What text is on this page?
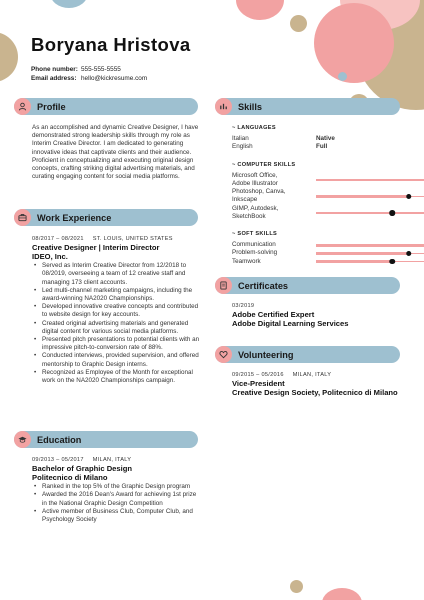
Boryana Hristova
Phone number: 555-555-5555
Email address: hello@kickresume.com
Profile
As an accomplished and dynamic Creative Designer, I have demonstrated strong leadership skills through my role as Interim Creative Director. I am dedicated to generating innovative ideas that captivate clients and their audience. Proficient in conceptualizing and executing original design concepts, crafting striking digital advertising materials, and curating engaging content for social media platforms.
Work Experience
08/2017 – 08/2021 ST. LOUIS, UNITED STATES
Creative Designer | Interim Director
IDEO, Inc.
• Served as Interim Creative Director from 12/2018 to 08/2019, overseeing a team of 12 creative staff and managing 173 client accounts.
• Led multi-channel marketing campaigns, including the award-winning NA2020 Championships.
• Developed innovative creative concepts and contributed to website design for key accounts.
• Created original advertising materials and generated digital content for various social media platforms.
• Presented pitch presentations to potential clients with an impressive pitch-to-conversion rate of 88%.
• Conducted interviews, provided supervision, and offered mentorship to Graphic Design interns.
• Recognized as Employee of the Month for exceptional work on the NA2020 Championships campaign.
Education
09/2013 – 05/2017 MILAN, ITALY
Bachelor of Graphic Design
Politecnico di Milano
• Ranked in the top 5% of the Graphic Design program
• Awarded the 2016 Dean's Award for achieving 1st prize in the National Graphic Design Competition
• Active member of Business Club, Computer Club, and Psychology Society
Skills
~ LANGUAGES
Italian	Native
English	Full
~ COMPUTER SKILLS
Microsoft Office, Adobe Illustrator
Photoshop, Canva, Inkscape
GIMP, Autodesk, SketchBook
~ SOFT SKILLS
Communication
Problem-solving
Teamwork
Certificates
03/2019
Adobe Certified Expert
Adobe Digital Learning Services
Volunteering
09/2015 – 05/2016 MILAN, ITALY
Vice-President
Creative Design Society, Politecnico di Milano
